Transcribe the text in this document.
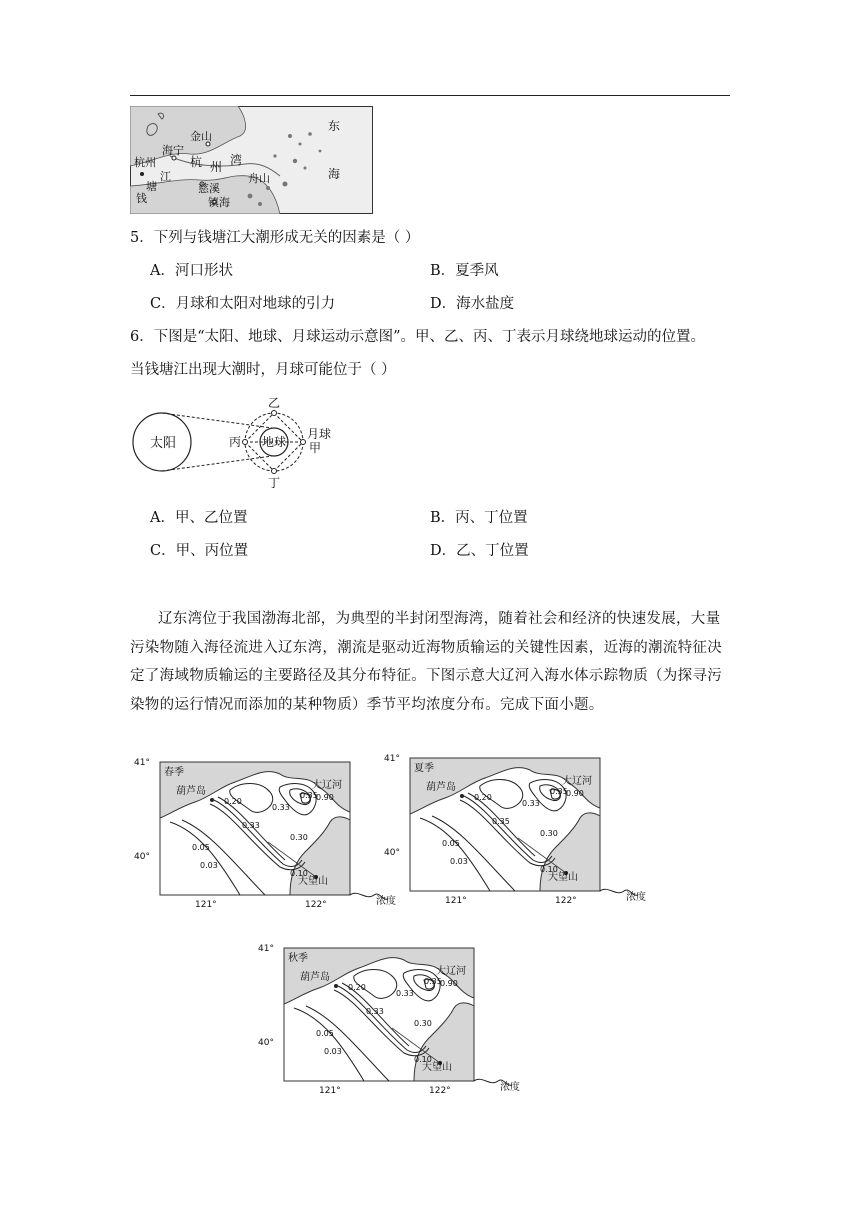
金山
东
海宁
杭州	杭 州 湾
海
钱
塘
江
慈溪
镇海
舟山
5．下列与钱塘江大潮形成无关的因素是（ ）
A．河口形状	B．夏季风
C．月球和太阳对地球的引力	D．海水盐度
6．下图是“太阳、地球、月球运动示意图”。甲、乙、丙、丁表示月球绕地球运动的位置。
当钱塘江出现大潮时，月球可能位于（ ）
太阳	地球
月球
甲
乙
丙
丁
A．甲、乙位置	B．丙、丁位置
C．甲、丙位置	D．乙、丁位置
辽东湾位于我国渤海北部，为典型的半封闭型海湾，随着社会和经济的快速发展，大量
污染物随入海径流进入辽东湾，潮流是驱动近海物质输运的关键性因素，近海的潮流特征决
定了海域物质输运的主要路径及其分布特征。下图示意大辽河入海水体示踪物质（为探寻污
染物的运行情况而添加的某种物质）季节平均浓度分布。完成下面小题。
41°
40°
121°	122°
春季
葫芦岛
大辽河
大望山
浓度
0.20
0.33
0.33
0.35
0.90
0.30
0.05
0.03
0.10
41°
40°
121°	122°
夏季
葫芦岛
大辽河
大望山
浓度
0.20
0.33
0.35
0.35
0.90
0.30
0.05
0.03
0.10
41°
40°
121°	122°
秋季
葫芦岛
大辽河
大望山
浓度
0.20
0.33
0.33
0.35
0.90
0.30
0.05
0.03
0.10
